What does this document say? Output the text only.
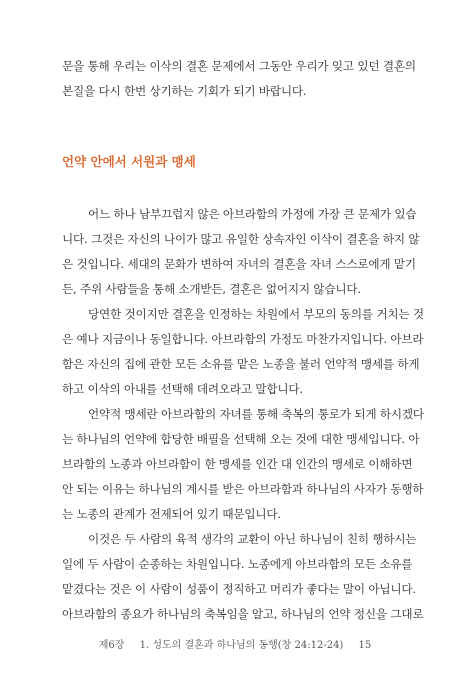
문을 통해 우리는 이삭의 결혼 문제에서 그동안 우리가 잊고 있던 결혼의
본질을 다시 한번 상기하는 기회가 되기 바랍니다.
언약 안에서 서원과 맹세
어느 하나 남부끄럽지 않은 아브라함의 가정에 가장 큰 문제가 있습
니다. 그것은 자신의 나이가 많고 유일한 상속자인 이삭이 결혼을 하지 않
은 것입니다. 세대의 문화가 변하여 자녀의 결혼을 자녀 스스로에게 맡기
든, 주위 사람들을 통해 소개받든, 결혼은 없어지지 않습니다.
당연한 것이지만 결혼을 인정하는 차원에서 부모의 동의를 거치는 것
은 예나 지금이나 동일합니다. 아브라함의 가정도 마찬가지입니다. 아브라
함은 자신의 집에 관한 모든 소유를 맡은 노종을 불러 언약적 맹세를 하게
하고 이삭의 아내를 선택해 데려오라고 말합니다.
언약적 맹세란 아브라함의 자녀를 통해 축복의 통로가 되게 하시겠다
는 하나님의 언약에 합당한 배필을 선택해 오는 것에 대한 맹세입니다. 아
브라함의 노종과 아브라함이 한 맹세를 인간 대 인간의 맹세로 이해하면
안 되는 이유는 하나님의 계시를 받은 아브라함과 하나님의 사자가 동행하
는 노종의 관계가 전제되어 있기 때문입니다.
이것은 두 사람의 육적 생각의 교환이 아닌 하나님이 친히 행하시는
일에 두 사람이 순종하는 차원입니다. 노종에게 아브라함의 모든 소유를
맡겼다는 것은 이 사람이 성품이 정직하고 머리가 좋다는 말이 아닙니다.
아브라함의 종요가 하나님의 축복임을 알고, 하나님의 언약 정신을 그대로
제6장 1. 성도의 결혼과 하나님의 동행(창 24:12-24) 15
